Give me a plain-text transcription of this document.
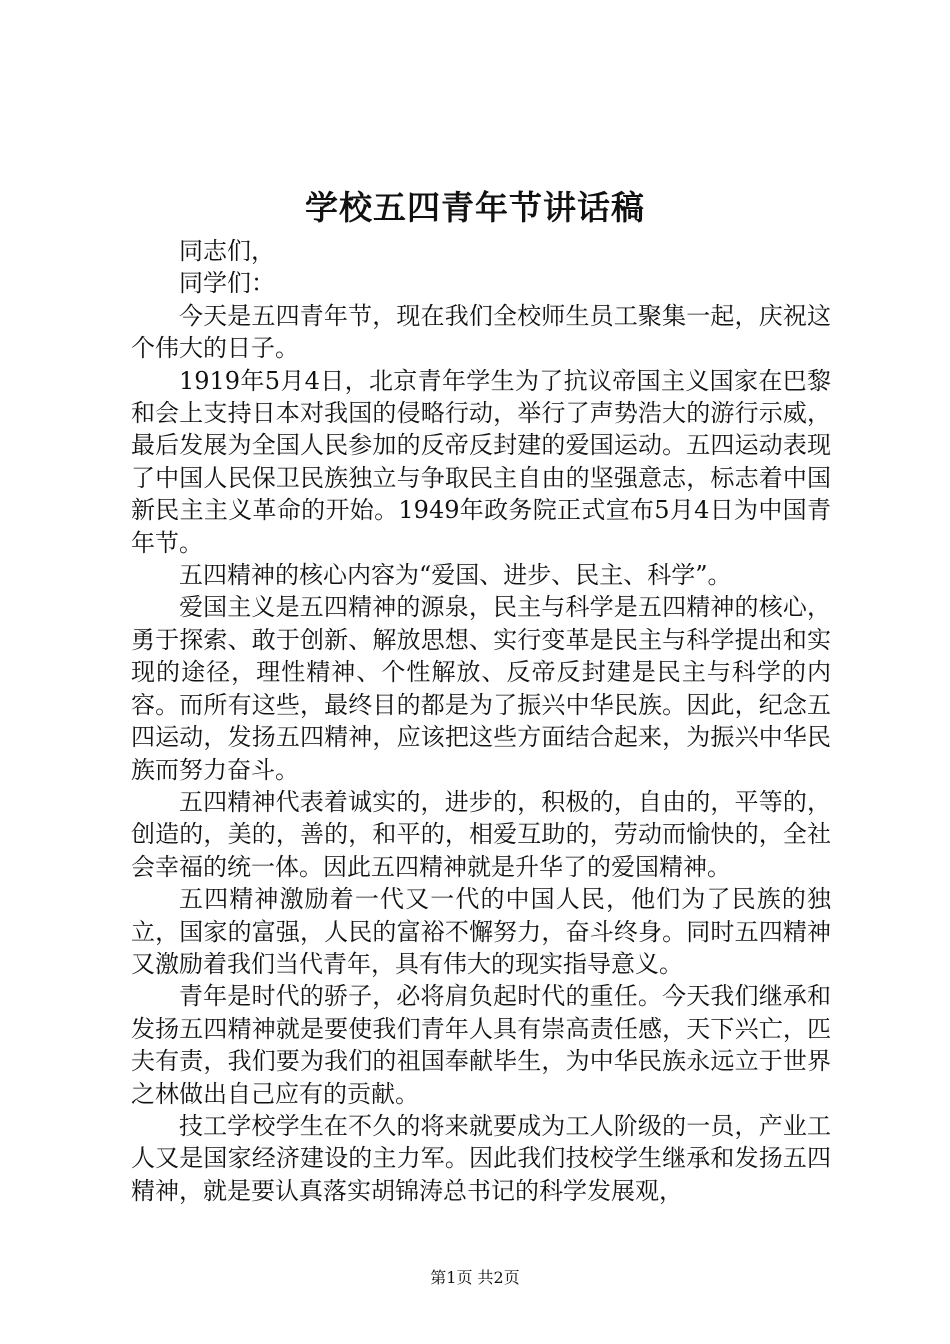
学校五四青年节讲话稿

同志们，

同学们：

今天是五四青年节，现在我们全校师生员工聚集一起，庆祝这个伟大的日子。

1919年5月4日，北京青年学生为了抗议帝国主义国家在巴黎和会上支持日本对我国的侵略行动，举行了声势浩大的游行示威，最后发展为全国人民参加的反帝反封建的爱国运动。五四运动表现了中国人民保卫民族独立与争取民主自由的坚强意志，标志着中国新民主主义革命的开始。1949年政务院正式宣布5月4日为中国青年节。

五四精神的核心内容为“爱国、进步、民主、科学”。

爱国主义是五四精神的源泉，民主与科学是五四精神的核心，勇于探索、敢于创新、解放思想、实行变革是民主与科学提出和实现的途径，理性精神、个性解放、反帝反封建是民主与科学的内容。而所有这些，最终目的都是为了振兴中华民族。因此，纪念五四运动，发扬五四精神，应该把这些方面结合起来，为振兴中华民族而努力奋斗。

五四精神代表着诚实的，进步的，积极的，自由的，平等的，创造的，美的，善的，和平的，相爱互助的，劳动而愉快的，全社会幸福的统一体。因此五四精神就是升华了的爱国精神。

五四精神激励着一代又一代的中国人民，他们为了民族的独立，国家的富强，人民的富裕不懈努力，奋斗终身。同时五四精神又激励着我们当代青年，具有伟大的现实指导意义。

青年是时代的骄子，必将肩负起时代的重任。今天我们继承和发扬五四精神就是要使我们青年人具有崇高责任感，天下兴亡，匹夫有责，我们要为我们的祖国奉献毕生，为中华民族永远立于世界之林做出自己应有的贡献。

技工学校学生在不久的将来就要成为工人阶级的一员，产业工人又是国家经济建设的主力军。因此我们技校学生继承和发扬五四精神，就是要认真落实胡锦涛总书记的科学发展观，

第1页 共2页
